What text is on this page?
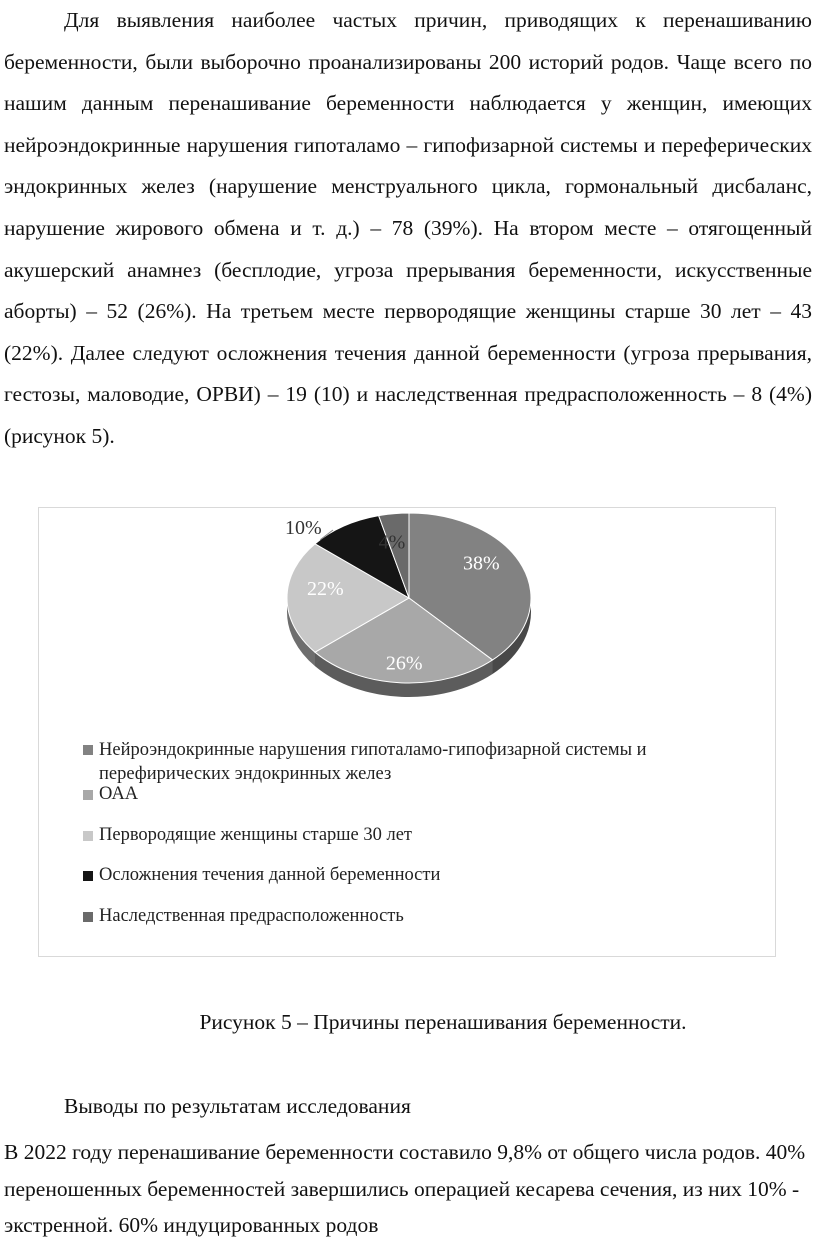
Для выявления наиболее частых причин, приводящих к перенашиванию беременности, были выборочно проанализированы 200 историй родов. Чаще всего по нашим данным перенашивание беременности наблюдается у женщин, имеющих нейроэндокринные нарушения гипоталамо – гипофизарной системы и переферических эндокринных желез (нарушение менструального цикла, гормональный дисбаланс, нарушение жирового обмена и т. д.) – 78 (39%). На втором месте – отягощенный акушерский анамнез (бесплодие, угроза прерывания беременности, искусственные аборты) – 52 (26%). На третьем месте первородящие женщины старше 30 лет – 43 (22%). Далее следуют осложнения течения данной беременности (угроза прерывания, гестозы, маловодие, ОРВИ) – 19 (10) и наследственная предрасположенность – 8 (4%) (рисунок 5).

38%
26%
22%
10%
4%
Нейроэндокринные нарушения гипоталамо-гипофизарной системы и перефирических эндокринных желез
ОАА
Первородящие женщины старше 30 лет
Осложнения течения данной беременности
Наследственная предрасположенность
Рисунок 5 – Причины перенашивания беременности.
Выводы по результатам исследования

В 2022 году перенашивание беременности составило 9,8% от общего числа родов. 40% переношенных беременностей завершились операцией кесарева сечения, из них 10% - экстренной. 60% индуцированных родов
